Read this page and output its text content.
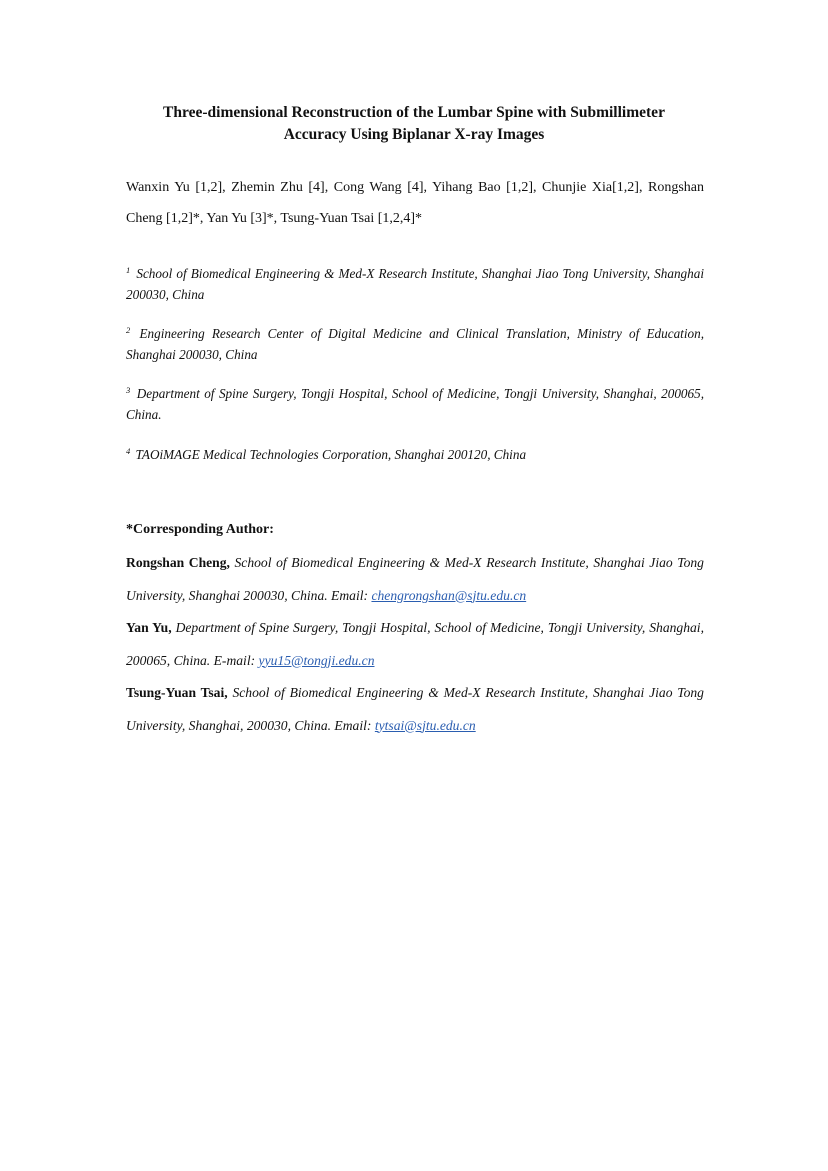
Three-dimensional Reconstruction of the Lumbar Spine with Submillimeter
Accuracy Using Biplanar X-ray Images
Wanxin Yu [1,2], Zhemin Zhu [4], Cong Wang [4], Yihang Bao [1,2], Chunjie Xia[1,2], Rongshan Cheng [1,2]*, Yan Yu [3]*, Tsung-Yuan Tsai [1,2,4]*
$^1$ School of Biomedical Engineering & Med-X Research Institute, Shanghai Jiao Tong University, Shanghai 200030, China
$^2$ Engineering Research Center of Digital Medicine and Clinical Translation, Ministry of Education, Shanghai 200030, China
$^3$ Department of Spine Surgery, Tongji Hospital, School of Medicine, Tongji University, Shanghai, 200065, China.
$^4$ TAOiMAGE Medical Technologies Corporation, Shanghai 200120, China
*Corresponding Author:
Rongshan Cheng, School of Biomedical Engineering & Med-X Research Institute, Shanghai Jiao Tong University, Shanghai 200030, China. Email: chengrongshan@sjtu.edu.cn
Yan Yu, Department of Spine Surgery, Tongji Hospital, School of Medicine, Tongji University, Shanghai, 200065, China. E-mail: yyu15@tongji.edu.cn
Tsung-Yuan Tsai, School of Biomedical Engineering & Med-X Research Institute, Shanghai Jiao Tong University, Shanghai, 200030, China. Email: tytsai@sjtu.edu.cn
